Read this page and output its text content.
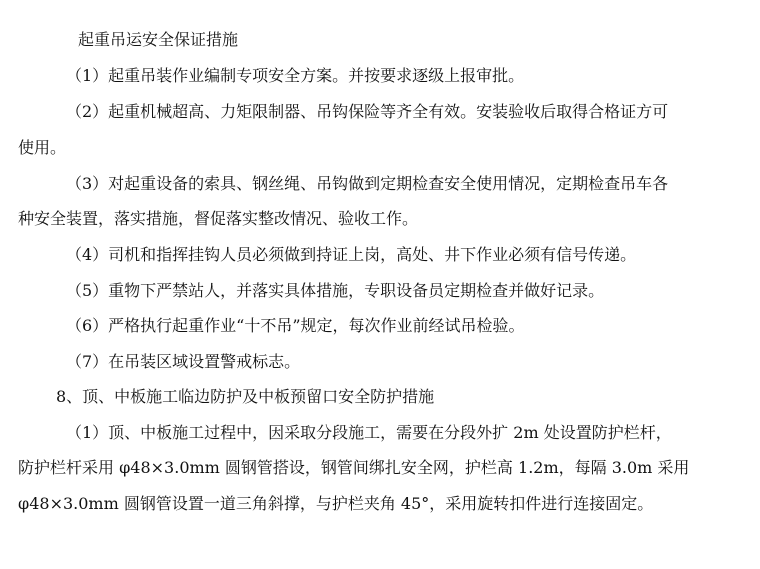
起重吊运安全保证措施
（1）起重吊装作业编制专项安全方案。并按要求逐级上报审批。
（2）起重机械超高、力矩限制器、吊钩保险等齐全有效。安装验收后取得合格证方可
使用。
（3）对起重设备的索具、钢丝绳、吊钩做到定期检查安全使用情况，定期检查吊车各
种安全装置，落实措施，督促落实整改情况、验收工作。
（4）司机和指挥挂钩人员必须做到持证上岗，高处、井下作业必须有信号传递。
（5）重物下严禁站人，并落实具体措施，专职设备员定期检查并做好记录。
（6）严格执行起重作业“十不吊”规定，每次作业前经试吊检验。
（7）在吊装区域设置警戒标志。
8、顶、中板施工临边防护及中板预留口安全防护措施
（1）顶、中板施工过程中，因采取分段施工，需要在分段外扩 2m 处设置防护栏杆，
防护栏杆采用 φ48×3.0mm 圆钢管搭设，钢管间绑扎安全网，护栏高 1.2m，每隔 3.0m 采用
φ48×3.0mm 圆钢管设置一道三角斜撑，与护栏夹角 45°，采用旋转扣件进行连接固定。
